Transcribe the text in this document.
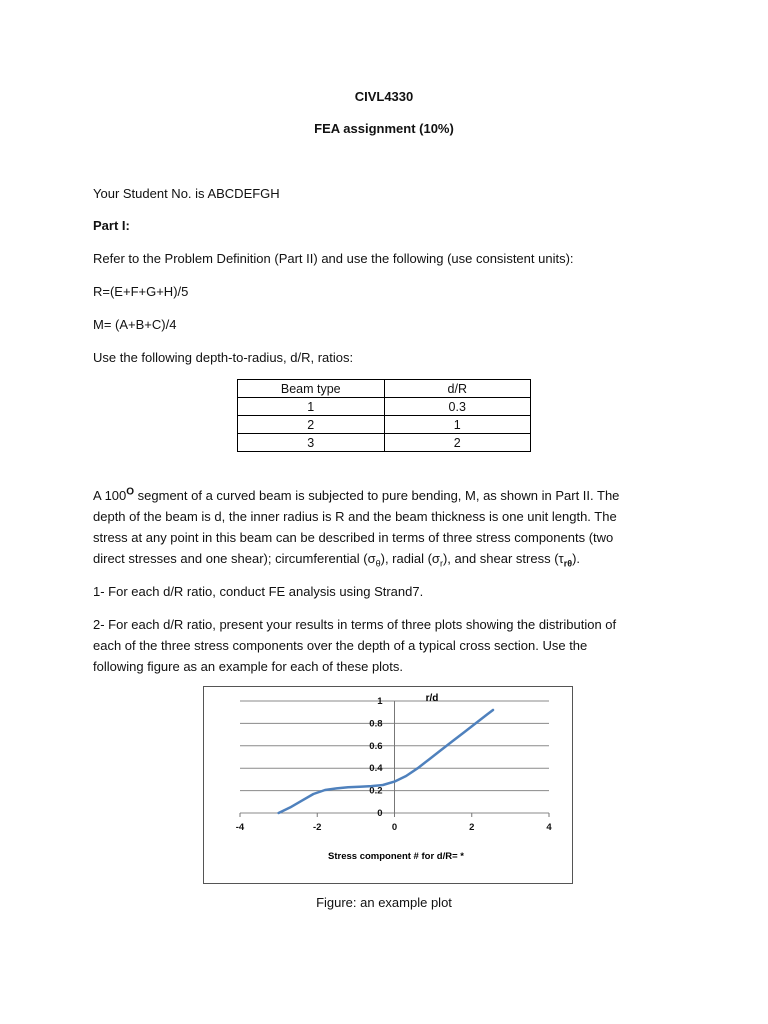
CIVL4330
FEA assignment (10%)
Your Student No. is ABCDEFGH
Part I:
Refer to the Problem Definition (Part II) and use the following (use consistent units):
R=(E+F+G+H)/5
M= (A+B+C)/4
Use the following depth-to-radius, d/R, ratios:
Beam type	d/R
1	0.3
2	1
3	2
A $100^O$ segment of a curved beam is subjected to pure bending, M, as shown in Part II. The
depth of the beam is d, the inner radius is R and the beam thickness is one unit length. The
stress at any point in this beam can be described in terms of three stress components (two
direct stresses and one shear); circumferential $(\sigma_\theta)$, radial $(\sigma_r)$, and shear stress $(\tau_{r\theta})$.
1- For each d/R ratio, conduct FE analysis using Strand7.
2- For each d/R ratio, present your results in terms of three plots showing the distribution of
each of the three stress components over the depth of a typical cross section. Use the
following figure as an example for each of these plots.
-4	-2	0	2	4
0
0.2
0.4
0.6
0.8
1	r/d
Stress component # for d/R= *
Figure: an example plot
